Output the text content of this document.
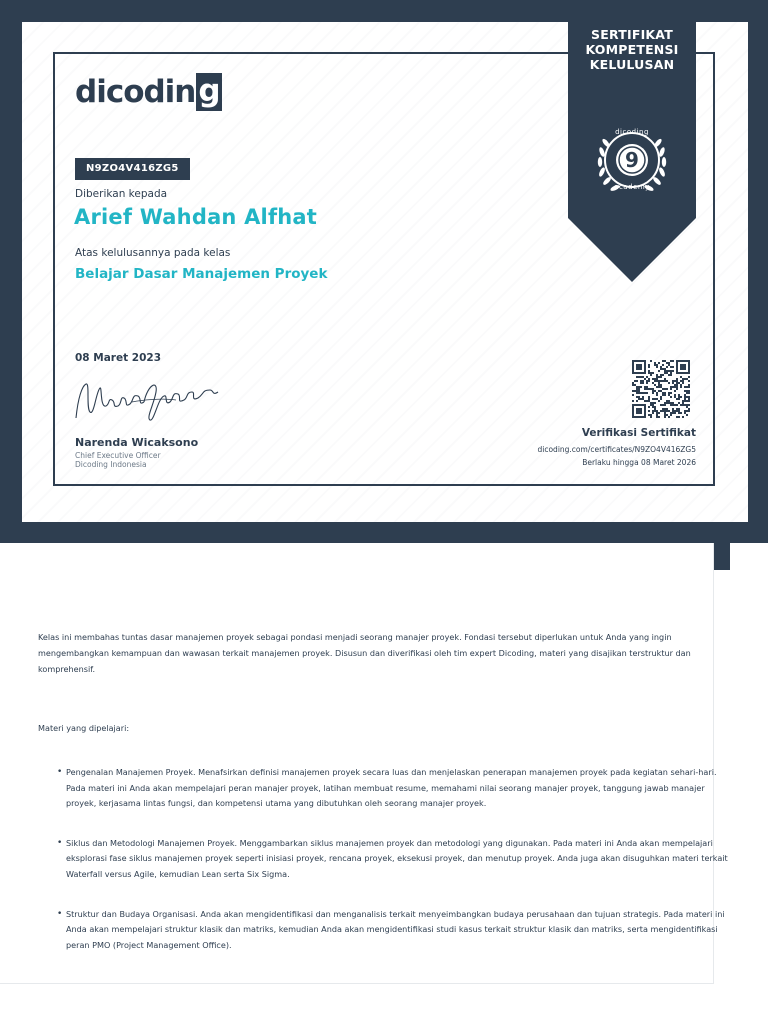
dicodin g
N9ZO4V416ZG5
Diberikan kepada
Arief Wahdan Alfhat
Atas kelulusannya pada kelas
Belajar Dasar Manajemen Proyek
08 Maret 2023
Narenda Wicaksono
Chief Executive Officer
Dicoding Indonesia
SERTIFIKAT
KOMPETENSI
KELULUSAN
9
dicoding
academy
Verifikasi Sertifikat
dicoding.com/certificates/N9ZO4V416ZG5
Berlaku hingga 08 Maret 2026

Kelas ini membahas tuntas dasar manajemen proyek sebagai pondasi menjadi seorang manajer proyek. Fondasi tersebut diperlukan untuk Anda yang ingin mengembangkan kemampuan dan wawasan terkait manajemen proyek. Disusun dan diverifikasi oleh tim expert Dicoding, materi yang disajikan terstruktur dan komprehensif.

Materi yang dipelajari:
• Pengenalan Manajemen Proyek. Menafsirkan definisi manajemen proyek secara luas dan menjelaskan penerapan manajemen proyek pada kegiatan sehari-hari. Pada materi ini Anda akan mempelajari peran manajer proyek, latihan membuat resume, memahami nilai seorang manajer proyek, tanggung jawab manajer proyek, kerjasama lintas fungsi, dan kompetensi utama yang dibutuhkan oleh seorang manajer proyek.
• Siklus dan Metodologi Manajemen Proyek. Menggambarkan siklus manajemen proyek dan metodologi yang digunakan. Pada materi ini Anda akan mempelajari eksplorasi fase siklus manajemen proyek seperti inisiasi proyek, rencana proyek, eksekusi proyek, dan menutup proyek. Anda juga akan disuguhkan materi terkait Waterfall versus Agile, kemudian Lean serta Six Sigma.
• Struktur dan Budaya Organisasi. Anda akan mengidentifikasi dan menganalisis terkait menyeimbangkan budaya perusahaan dan tujuan strategis. Pada materi ini Anda akan mempelajari struktur klasik dan matriks, kemudian Anda akan mengidentifikasi studi kasus terkait struktur klasik dan matriks, serta mengidentifikasi peran PMO (Project Management Office).
